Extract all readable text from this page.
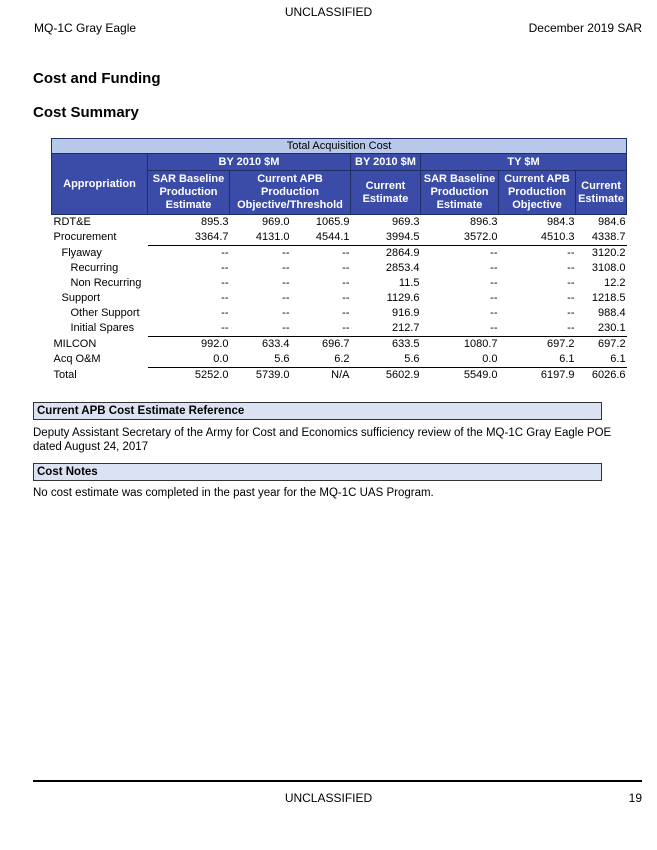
UNCLASSIFIED
MQ-1C Gray Eagle	December 2019 SAR
Cost and Funding
Cost Summary
Total Acquisition Cost							
Appropriation	BY 2010 $M			BY 2010 $M	TY $M		
	SAR Baseline Production Estimate	Current APB Production Objective/Threshold		Current Estimate	SAR Baseline Production Estimate	Current APB Production Objective	Current Estimate
RDT&E	895.3	969.0	1065.9	969.3	896.3	984.3	984.6
Procurement	3364.7	4131.0	4544.1	3994.5	3572.0	4510.3	4338.7
Flyaway	--	--	--	2864.9	--	--	3120.2
Recurring	--	--	--	2853.4	--	--	3108.0
Non Recurring	--	--	--	11.5	--	--	12.2
Support	--	--	--	1129.6	--	--	1218.5
Other Support	--	--	--	916.9	--	--	988.4
Initial Spares	--	--	--	212.7	--	--	230.1
MILCON	992.0	633.4	696.7	633.5	1080.7	697.2	697.2
Acq O&M	0.0	5.6	6.2	5.6	0.0	6.1	6.1
Total	5252.0	5739.0	N/A	5602.9	5549.0	6197.9	6026.6
Current APB Cost Estimate Reference
Deputy Assistant Secretary of the Army for Cost and Economics sufficiency review of the MQ-1C Gray Eagle POE dated August 24, 2017
Cost Notes
No cost estimate was completed in the past year for the MQ-1C UAS Program.
UNCLASSIFIED	19
